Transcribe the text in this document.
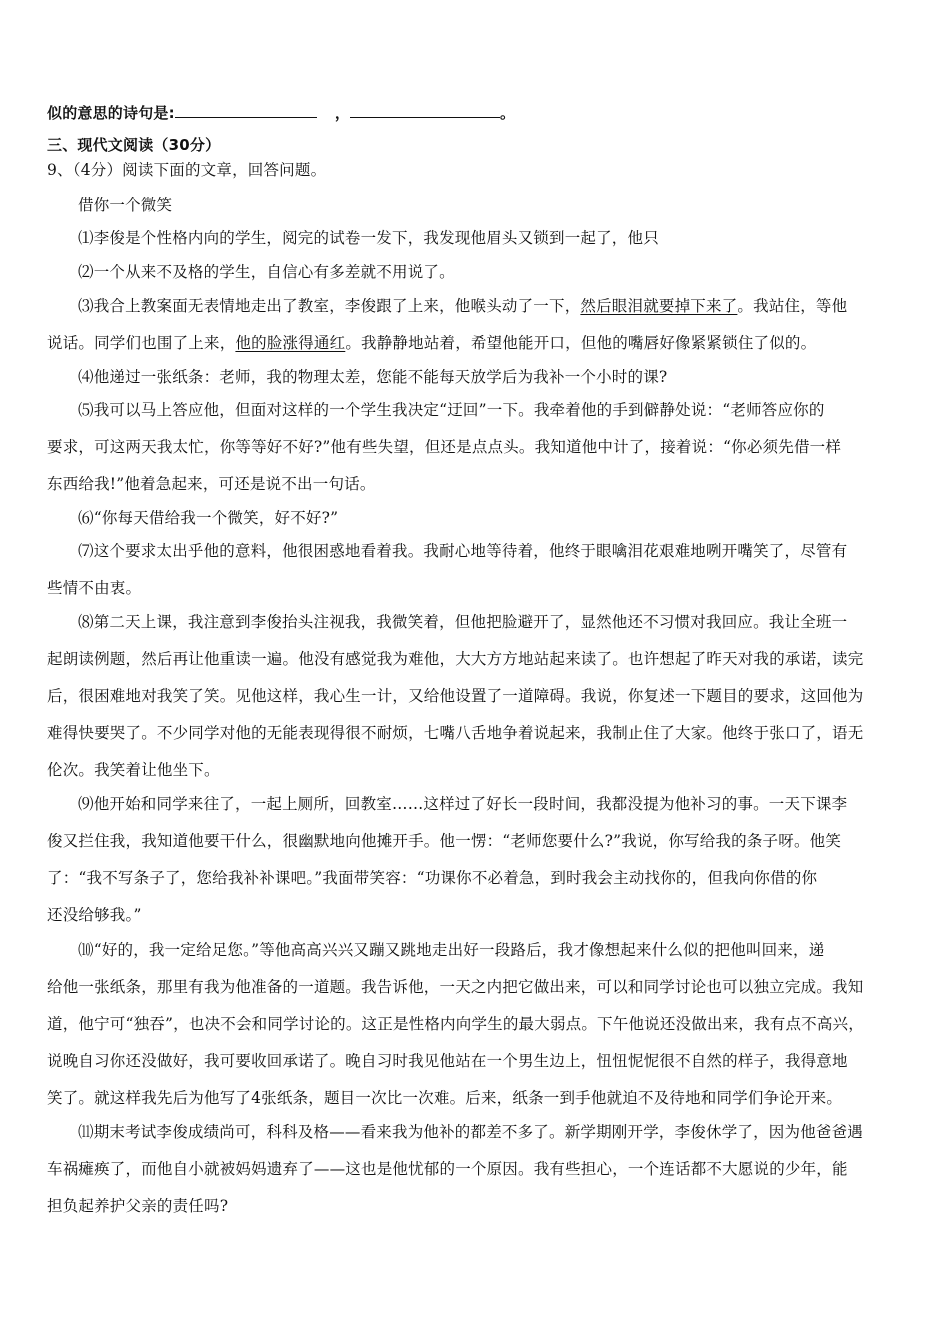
似的意思的诗句是:	，	。
三、现代文阅读（30分）
9、（4分）阅读下面的文章，回答问题。
借你一个微笑
⑴李俊是个性格内向的学生，阅完的试卷一发下，我发现他眉头又锁到一起了，他只
⑵一个从来不及格的学生，自信心有多差就不用说了。
⑶我合上教案面无表情地走出了教室，李俊跟了上来，他喉头动了一下，然后眼泪就要掉下来了。我站住，等他
说话。同学们也围了上来，他的脸涨得通红。我静静地站着，希望他能开口，但他的嘴唇好像紧紧锁住了似的。
⑷他递过一张纸条：老师，我的物理太差，您能不能每天放学后为我补一个小时的课?
⑸我可以马上答应他，但面对这样的一个学生我决定“迂回”一下。我牵着他的手到僻静处说：“老师答应你的
要求，可这两天我太忙，你等等好不好?”他有些失望，但还是点点头。我知道他中计了，接着说：“你必须先借一样
东西给我!”他着急起来，可还是说不出一句话。
⑹“你每天借给我一个微笑，好不好?”
⑺这个要求太出乎他的意料，他很困惑地看着我。我耐心地等待着，他终于眼噙泪花艰难地咧开嘴笑了，尽管有
些情不由衷。
⑻第二天上课，我注意到李俊抬头注视我，我微笑着，但他把脸避开了，显然他还不习惯对我回应。我让全班一
起朗读例题，然后再让他重读一遍。他没有感觉我为难他，大大方方地站起来读了。也许想起了昨天对我的承诺，读完
后，很困难地对我笑了笑。见他这样，我心生一计，又给他设置了一道障碍。我说，你复述一下题目的要求，这回他为
难得快要哭了。不少同学对他的无能表现得很不耐烦，七嘴八舌地争着说起来，我制止住了大家。他终于张口了，语无
伦次。我笑着让他坐下。
⑼他开始和同学来往了，一起上厕所，回教室……这样过了好长一段时间，我都没提为他补习的事。一天下课李
俊又拦住我，我知道他要干什么，很幽默地向他摊开手。他一愣：“老师您要什么?”我说，你写给我的条子呀。他笑
了：“我不写条子了，您给我补补课吧。”我面带笑容：“功课你不必着急，到时我会主动找你的，但我向你借的你
还没给够我。”
⑽“好的，我一定给足您。”等他高高兴兴又蹦又跳地走出好一段路后，我才像想起来什么似的把他叫回来，递
给他一张纸条，那里有我为他准备的一道题。我告诉他，一天之内把它做出来，可以和同学讨论也可以独立完成。我知
道，他宁可“独吞”，也决不会和同学讨论的。这正是性格内向学生的最大弱点。下午他说还没做出来，我有点不高兴，
说晚自习你还没做好，我可要收回承诺了。晚自习时我见他站在一个男生边上，忸忸怩怩很不自然的样子，我得意地
笑了。就这样我先后为他写了4张纸条，题目一次比一次难。后来，纸条一到手他就迫不及待地和同学们争论开来。
⑾期末考试李俊成绩尚可，科科及格——看来我为他补的都差不多了。新学期刚开学，李俊休学了，因为他爸爸遇
车祸瘫痪了，而他自小就被妈妈遗弃了——这也是他忧郁的一个原因。我有些担心，一个连话都不大愿说的少年，能
担负起养护父亲的责任吗?
